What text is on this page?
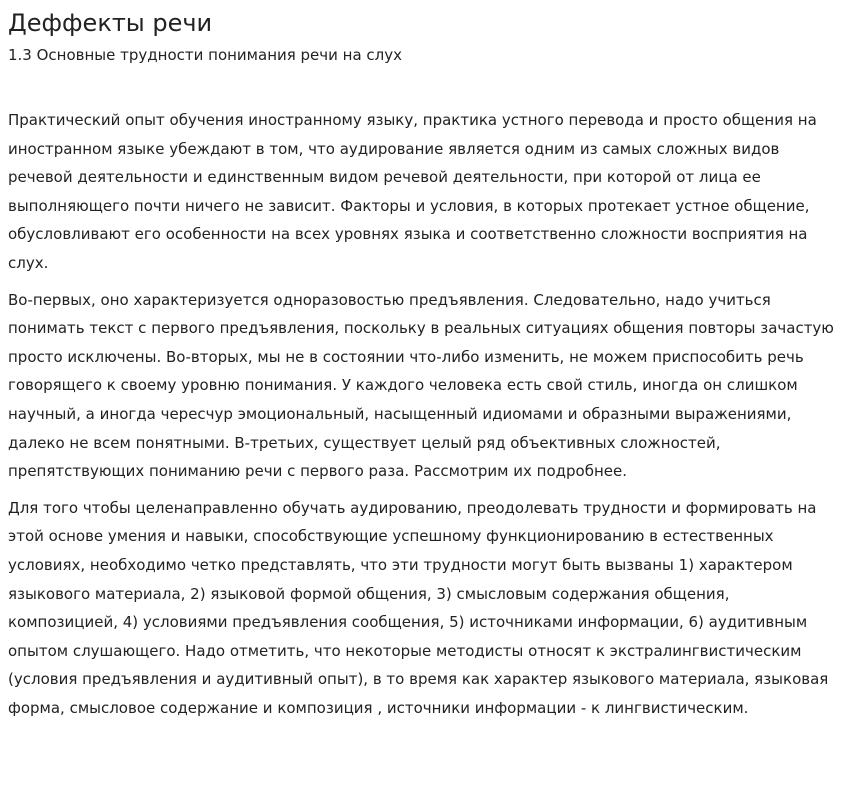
Деффекты речи
1.3 Основные трудности понимания речи на слух

Практический опыт обучения иностранному языку, практика устного перевода и просто общения на иностранном языке убеждают в том, что аудирование является одним из самых сложных видов речевой деятельности и единственным видом речевой деятельности, при которой от лица ее выполняющего почти ничего не зависит. Факторы и условия, в которых протекает устное общение, обусловливают его особенности на всех уровнях языка и соответственно сложности восприятия на слух.

Во-первых, оно характеризуется одноразовостью предъявления. Следовательно, надо учиться понимать текст с первого предъявления, поскольку в реальных ситуациях общения повторы зачастую просто исключены. Во-вторых, мы не в состоянии что-либо изменить, не можем приспособить речь говорящего к своему уровню понимания. У каждого человека есть свой стиль, иногда он слишком научный, а иногда чересчур эмоциональный, насыщенный идиомами и образными выражениями, далеко не всем понятными. В-третьих, существует целый ряд объективных сложностей, препятствующих пониманию речи с первого раза. Рассмотрим их подробнее.

Для того чтобы целенаправленно обучать аудированию, преодолевать трудности и формировать на этой основе умения и навыки, способствующие успешному функционированию в естественных условиях, необходимо четко представлять, что эти трудности могут быть вызваны 1) характером языкового материала, 2) языковой формой общения, 3) смысловым содержания общения, композицией, 4) условиями предъявления сообщения, 5) источниками информации, 6) аудитивным опытом слушающего. Надо отметить, что некоторые методисты относят к экстралингвистическим (условия предъявления и аудитивный опыт), в то время как характер языкового материала, языковая форма, смысловое содержание и композиция , источники информации - к лингвистическим.
